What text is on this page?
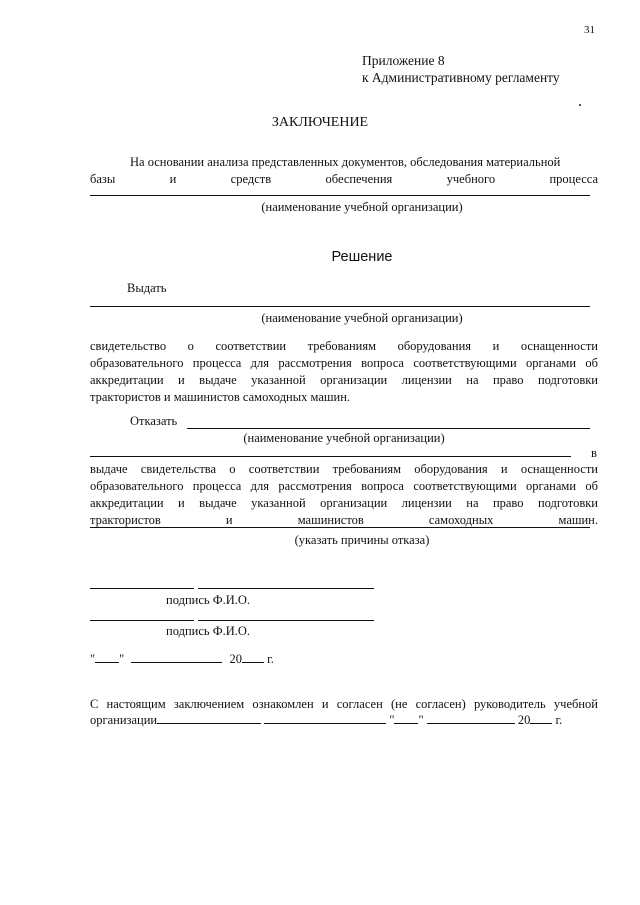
31
Приложение 8
к Административному регламенту
ЗАКЛЮЧЕНИЕ
На основании анализа представленных документов, обследования материальной
базы и средств обеспечения учебного процесса
(наименование учебной организации)
Решение
Выдать
(наименование учебной организации)
свидетельство о соответствии требованиям оборудования и оснащенности
образовательного процесса для рассмотрения вопроса соответствующими органами об
аккредитации и выдаче указанной организации лицензии на право подготовки
трактористов и машинистов самоходных машин.
Отказать
(наименование учебной организации)
в
выдаче свидетельства о соответствии требованиям оборудования и оснащенности
образовательного процесса для рассмотрения вопроса соответствующими органами об
аккредитации и выдаче указанной организации лицензии на право подготовки
трактористов и машинистов самоходных машин.
(указать причины отказа)
подпись Ф.И.О.
подпись Ф.И.О.
" "	20 г.
С настоящим заключением ознакомлен и согласен (не согласен) руководитель учебной
организации	" "	20 г.
